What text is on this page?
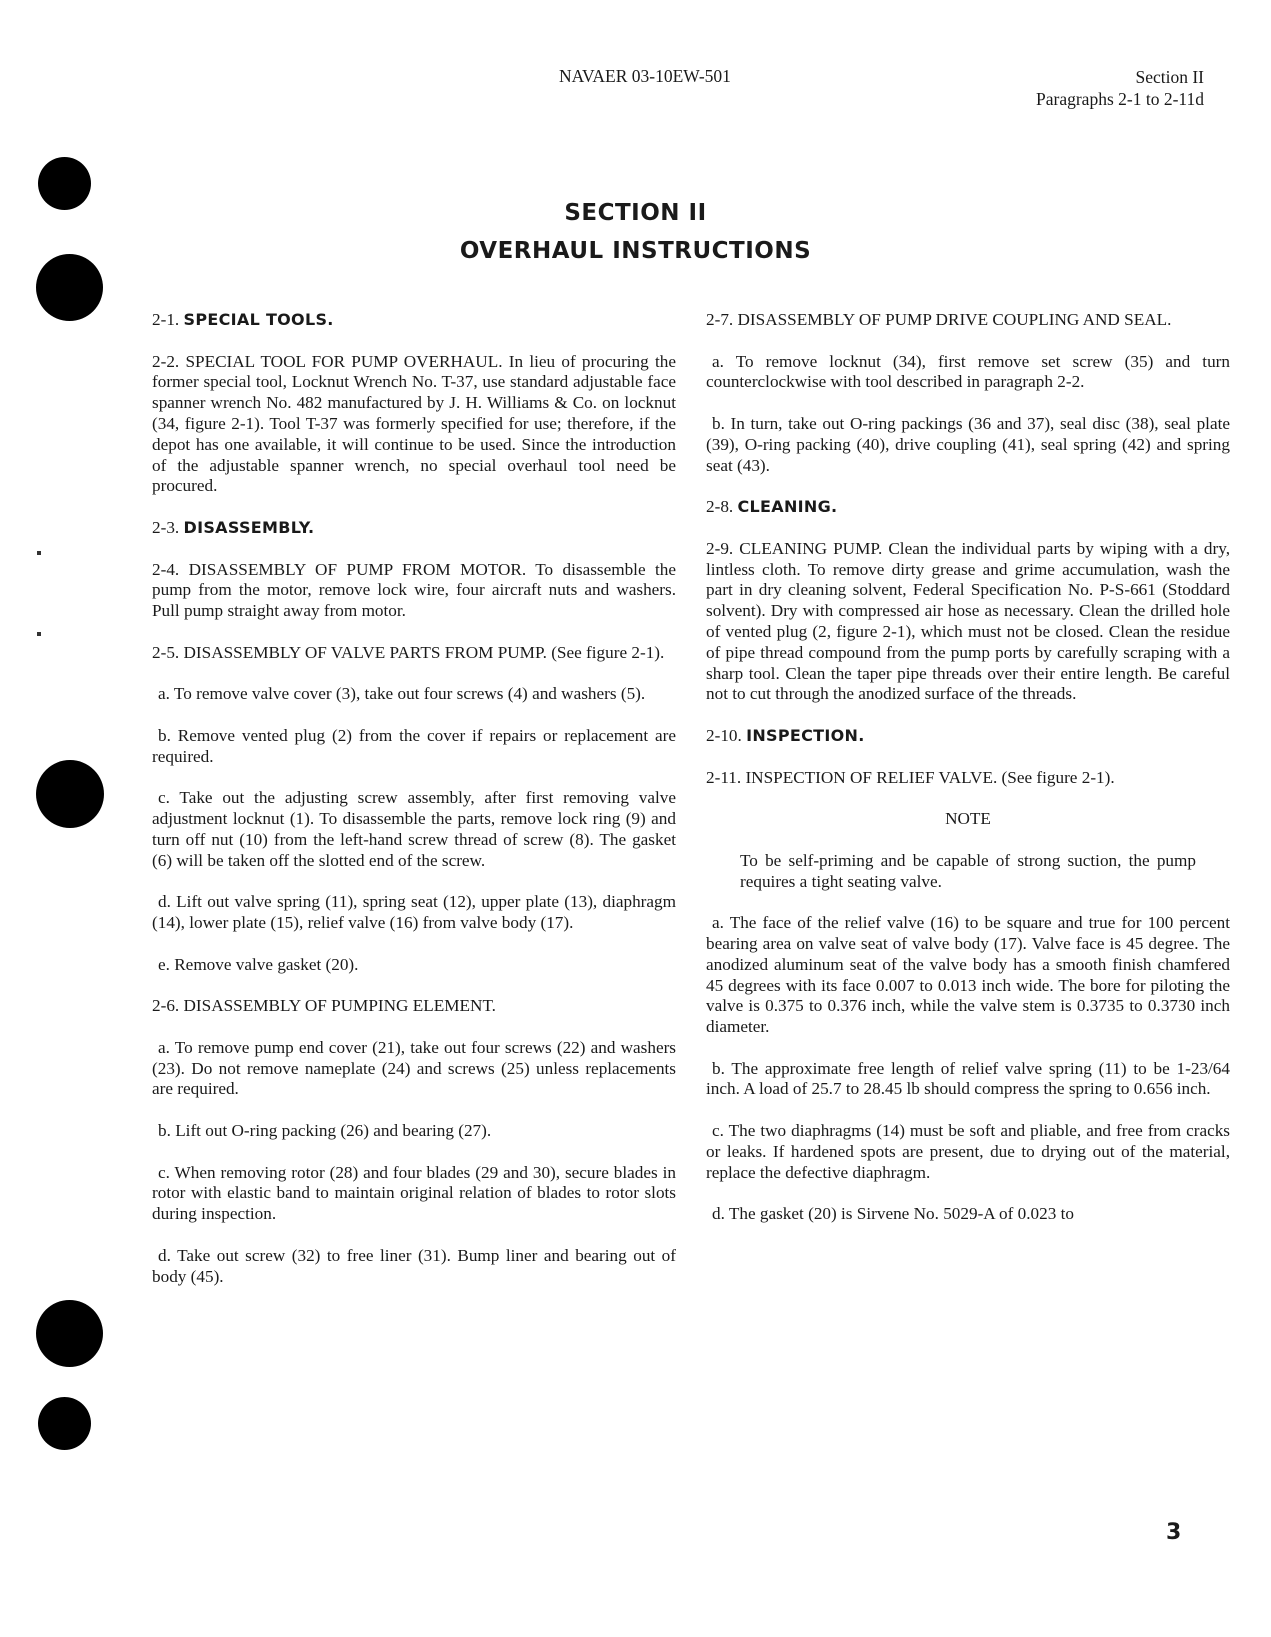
NAVAER 03-10EW-501	Section II
Paragraphs 2-1 to 2-11d
SECTION II
OVERHAUL INSTRUCTIONS

2-1. SPECIAL TOOLS.

2-2. SPECIAL TOOL FOR PUMP OVERHAUL. In lieu of procuring the former special tool, Locknut Wrench No. T-37, use standard adjustable face spanner wrench No. 482 manufactured by J. H. Williams & Co. on locknut (34, figure 2-1). Tool T-37 was formerly specified for use; therefore, if the depot has one available, it will continue to be used. Since the introduction of the adjustable spanner wrench, no special overhaul tool need be procured.

2-3. DISASSEMBLY.

2-4. DISASSEMBLY OF PUMP FROM MOTOR. To disassemble the pump from the motor, remove lock wire, four aircraft nuts and washers. Pull pump straight away from motor.

2-5. DISASSEMBLY OF VALVE PARTS FROM PUMP. (See figure 2-1).

a. To remove valve cover (3), take out four screws (4) and washers (5).

b. Remove vented plug (2) from the cover if repairs or replacement are required.

c. Take out the adjusting screw assembly, after first removing valve adjustment locknut (1). To disassemble the parts, remove lock ring (9) and turn off nut (10) from the left-hand screw thread of screw (8). The gasket (6) will be taken off the slotted end of the screw.

d. Lift out valve spring (11), spring seat (12), upper plate (13), diaphragm (14), lower plate (15), relief valve (16) from valve body (17).

e. Remove valve gasket (20).

2-6. DISASSEMBLY OF PUMPING ELEMENT.

a. To remove pump end cover (21), take out four screws (22) and washers (23). Do not remove nameplate (24) and screws (25) unless replacements are required.

b. Lift out O-ring packing (26) and bearing (27).

c. When removing rotor (28) and four blades (29 and 30), secure blades in rotor with elastic band to maintain original relation of blades to rotor slots during inspection.

d. Take out screw (32) to free liner (31). Bump liner and bearing out of body (45).

2-7. DISASSEMBLY OF PUMP DRIVE COUPLING AND SEAL.

a. To remove locknut (34), first remove set screw (35) and turn counterclockwise with tool described in paragraph 2-2.

b. In turn, take out O-ring packings (36 and 37), seal disc (38), seal plate (39), O-ring packing (40), drive coupling (41), seal spring (42) and spring seat (43).

2-8. CLEANING.

2-9. CLEANING PUMP. Clean the individual parts by wiping with a dry, lintless cloth. To remove dirty grease and grime accumulation, wash the part in dry cleaning solvent, Federal Specification No. P-S-661 (Stoddard solvent). Dry with compressed air hose as necessary. Clean the drilled hole of vented plug (2, figure 2-1), which must not be closed. Clean the residue of pipe thread compound from the pump ports by carefully scraping with a sharp tool. Clean the taper pipe threads over their entire length. Be careful not to cut through the anodized surface of the threads.

2-10. INSPECTION.

2-11. INSPECTION OF RELIEF VALVE. (See figure 2-1).

NOTE

To be self-priming and be capable of strong suction, the pump requires a tight seating valve.

a. The face of the relief valve (16) to be square and true for 100 percent bearing area on valve seat of valve body (17). Valve face is 45 degree. The anodized aluminum seat of the valve body has a smooth finish chamfered 45 degrees with its face 0.007 to 0.013 inch wide. The bore for piloting the valve is 0.375 to 0.376 inch, while the valve stem is 0.3735 to 0.3730 inch diameter.

b. The approximate free length of relief valve spring (11) to be 1-23/64 inch. A load of 25.7 to 28.45 lb should compress the spring to 0.656 inch.

c. The two diaphragms (14) must be soft and pliable, and free from cracks or leaks. If hardened spots are present, due to drying out of the material, replace the defective diaphragm.

d. The gasket (20) is Sirvene No. 5029-A of 0.023 to

3
